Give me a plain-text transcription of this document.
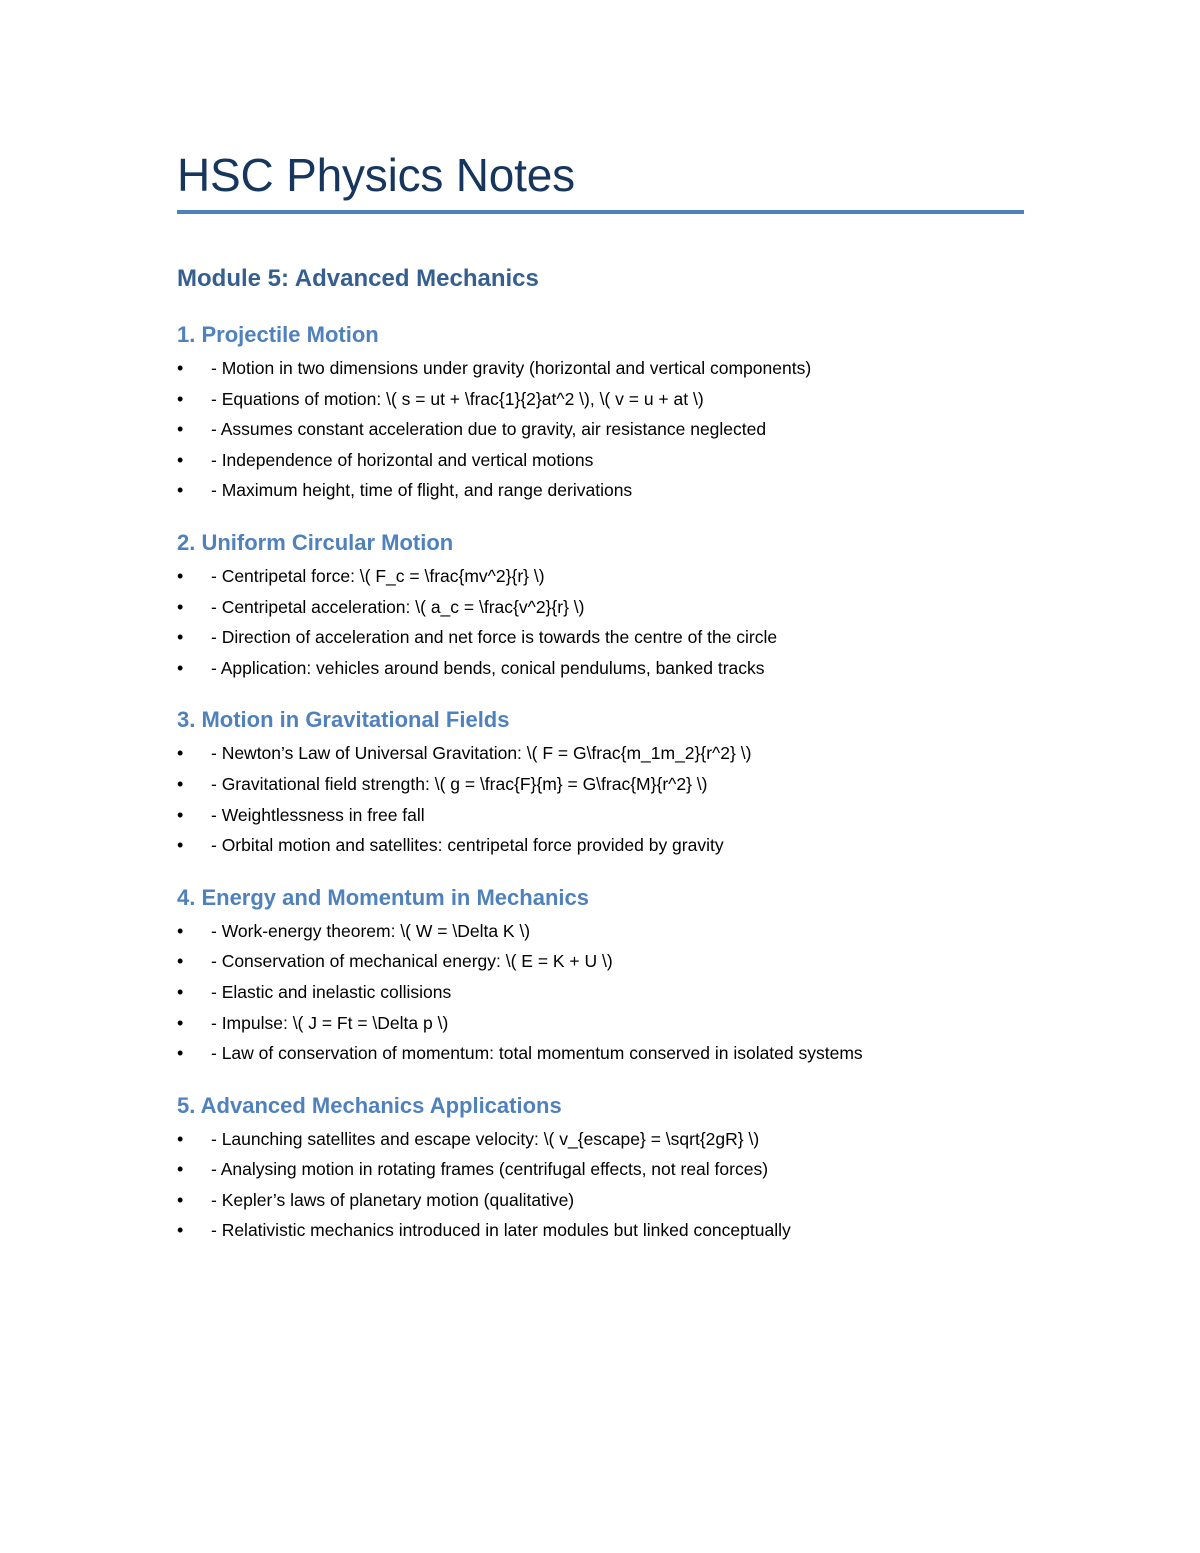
HSC Physics Notes
Module 5: Advanced Mechanics
1. Projectile Motion
• - Motion in two dimensions under gravity (horizontal and vertical components)
• - Equations of motion: \( s = ut + \frac{1}{2}at^2 \), \( v = u + at \)
• - Assumes constant acceleration due to gravity, air resistance neglected
• - Independence of horizontal and vertical motions
• - Maximum height, time of flight, and range derivations
2. Uniform Circular Motion
• - Centripetal force: \( F_c = \frac{mv^2}{r} \)
• - Centripetal acceleration: \( a_c = \frac{v^2}{r} \)
• - Direction of acceleration and net force is towards the centre of the circle
• - Application: vehicles around bends, conical pendulums, banked tracks
3. Motion in Gravitational Fields
• - Newton’s Law of Universal Gravitation: \( F = G\frac{m_1m_2}{r^2} \)
• - Gravitational field strength: \( g = \frac{F}{m} = G\frac{M}{r^2} \)
• - Weightlessness in free fall
• - Orbital motion and satellites: centripetal force provided by gravity
4. Energy and Momentum in Mechanics
• - Work-energy theorem: \( W = \Delta K \)
• - Conservation of mechanical energy: \( E = K + U \)
• - Elastic and inelastic collisions
• - Impulse: \( J = Ft = \Delta p \)
• - Law of conservation of momentum: total momentum conserved in isolated systems
5. Advanced Mechanics Applications
• - Launching satellites and escape velocity: \( v_{escape} = \sqrt{2gR} \)
• - Analysing motion in rotating frames (centrifugal effects, not real forces)
• - Kepler’s laws of planetary motion (qualitative)
• - Relativistic mechanics introduced in later modules but linked conceptually
